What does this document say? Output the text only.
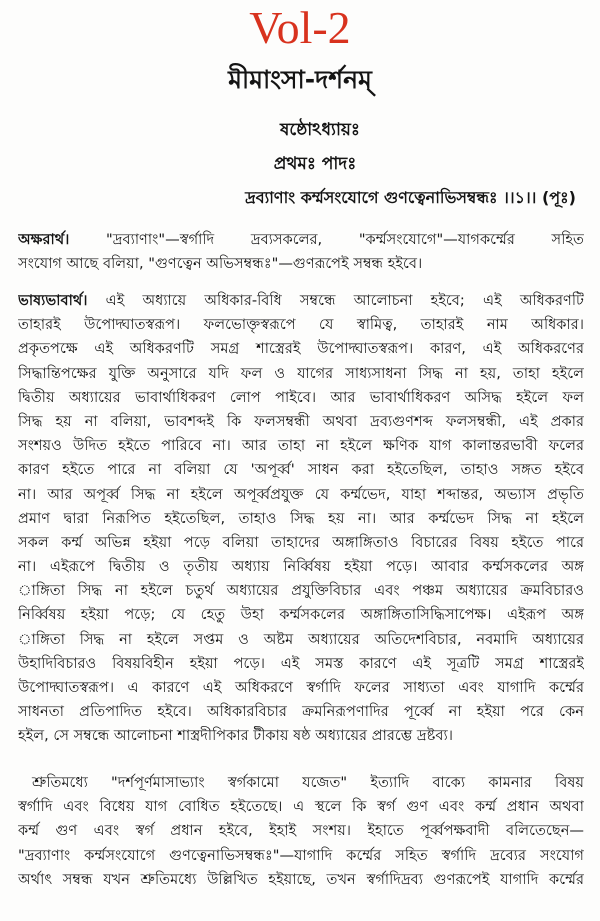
Vol-2
মীমাংসা-দর্শনম্
ষষ্ঠোঽধ্যায়ঃ
প্রথমঃ পাদঃ
দ্রব্যাণাং কর্ম্মসংযোগে গুণত্বেনাভিসম্বন্ধঃ ।।১।। (পূঃ)
অক্ষরার্থ। "দ্রব্যাণাং"—স্বর্গাদি দ্রব্যসকলের, "কর্ম্মসংযোগে"—যাগকর্ম্মের সহিত
সংযোগ আছে বলিয়া, "গুণত্বেন অভিসম্বন্ধঃ"—গুণরূপেই সম্বন্ধ হইবে।
ভাষ্যভাবার্থ। এই অধ্যায়ে অধিকার-বিধি সম্বন্ধে আলোচনা হইবে; এই অধিকরণটি
তাহারই উপোদ্ঘাতস্বরূপ। ফলভোক্তৃস্বরূপে যে স্বামিত্ব, তাহারই নাম অধিকার।
প্রকৃতপক্ষে এই অধিকরণটি সমগ্র শাস্ত্রেরই উপোদ্ঘাতস্বরূপ। কারণ, এই অধিকরণের
সিদ্ধান্তিপক্ষের যুক্তি অনুসারে যদি ফল ও যাগের সাধ্যসাধনা সিদ্ধ না হয়, তাহা হইলে
দ্বিতীয় অধ্যায়ের ভাবার্থাধিকরণ লোপ পাইবে। আর ভাবার্থাধিকরণ অসিদ্ধ হইলে ফল
সিদ্ধ হয় না বলিয়া, ভাবশব্দই কি ফলসম্বন্ধী অথবা দ্রব্যগুণশব্দ ফলসম্বন্ধী, এই প্রকার
সংশয়ও উদিত হইতে পারিবে না। আর তাহা না হইলে ক্ষণিক যাগ কালান্তরভাবী ফলের
কারণ হইতে পারে না বলিয়া যে 'অপূর্ব্ব' সাধন করা হইতেছিল, তাহাও সঙ্গত হইবে
না। আর অপূর্ব্ব সিদ্ধ না হইলে অপূর্ব্বপ্রযুক্ত যে কর্ম্মভেদ, যাহা শব্দান্তর, অভ্যাস প্রভৃতি
প্রমাণ দ্বারা নিরূপিত হইতেছিল, তাহাও সিদ্ধ হয় না। আর কর্ম্মভেদ সিদ্ধ না হইলে
সকল কর্ম্ম অভিন্ন হইয়া পড়ে বলিয়া তাহাদের অঙ্গাঙ্গিতাও বিচারের বিষয় হইতে পারে
না। এইরূপে দ্বিতীয় ও তৃতীয় অধ্যায় নির্ব্বিষয় হইয়া পড়ে। আবার কর্ম্মসকলের অঙ্গ
াঙ্গিতা সিদ্ধ না হইলে চতুর্থ অধ্যায়ের প্রযুক্তিবিচার এবং পঞ্চম অধ্যায়ের ক্রমবিচারও
নির্ব্বিষয় হইয়া পড়ে; যে হেতু উহা কর্ম্মসকলের অঙ্গাঙ্গিতাসিদ্ধিসাপেক্ষ। এইরূপ অঙ্গ
াঙ্গিতা সিদ্ধ না হইলে সপ্তম ও অষ্টম অধ্যায়ের অতিদেশবিচার, নবমাদি অধ্যায়ের
উহাদিবিচারও বিষয়বিহীন হইয়া পড়ে। এই সমস্ত কারণে এই সূত্রটি সমগ্র শাস্ত্রেরই
উপোদ্ঘাতস্বরূপ। এ কারণে এই অধিকরণে স্বর্গাদি ফলের সাধ্যতা এবং যাগাদি কর্ম্মের
সাধনতা প্রতিপাদিত হইবে। অধিকারবিচার ক্রমনিরূপণাদির পূর্ব্বে না হইয়া পরে কেন
হইল, সে সম্বন্ধে আলোচনা শাস্ত্রদীপিকার টীকায় ষষ্ঠ অধ্যায়ের প্রারম্ভে দ্রষ্টব্য।
শ্রুতিমধ্যে "দর্শপূর্ণমাসাভ্যাং স্বর্গকামো যজেত" ইত্যাদি বাক্যে কামনার বিষয়
স্বর্গাদি এবং বিধেয় যাগ বোধিত হইতেছে। এ স্থলে কি স্বর্গ গুণ এবং কর্ম্ম প্রধান অথবা
কর্ম্ম গুণ এবং স্বর্গ প্রধান হইবে, ইহাই সংশয়। ইহাতে পূর্ব্বপক্ষবাদী বলিতেছেন—
"দ্রব্যাণাং কর্ম্মসংযোগে গুণত্বেনাভিসম্বন্ধঃ"—যাগাদি কর্ম্মের সহিত স্বর্গাদি দ্রব্যের সংযোগ
অর্থাৎ সম্বন্ধ যখন শ্রুতিমধ্যে উল্লিখিত হইয়াছে, তখন স্বর্গাদিদ্রব্য গুণরূপেই যাগাদি কর্ম্মের
